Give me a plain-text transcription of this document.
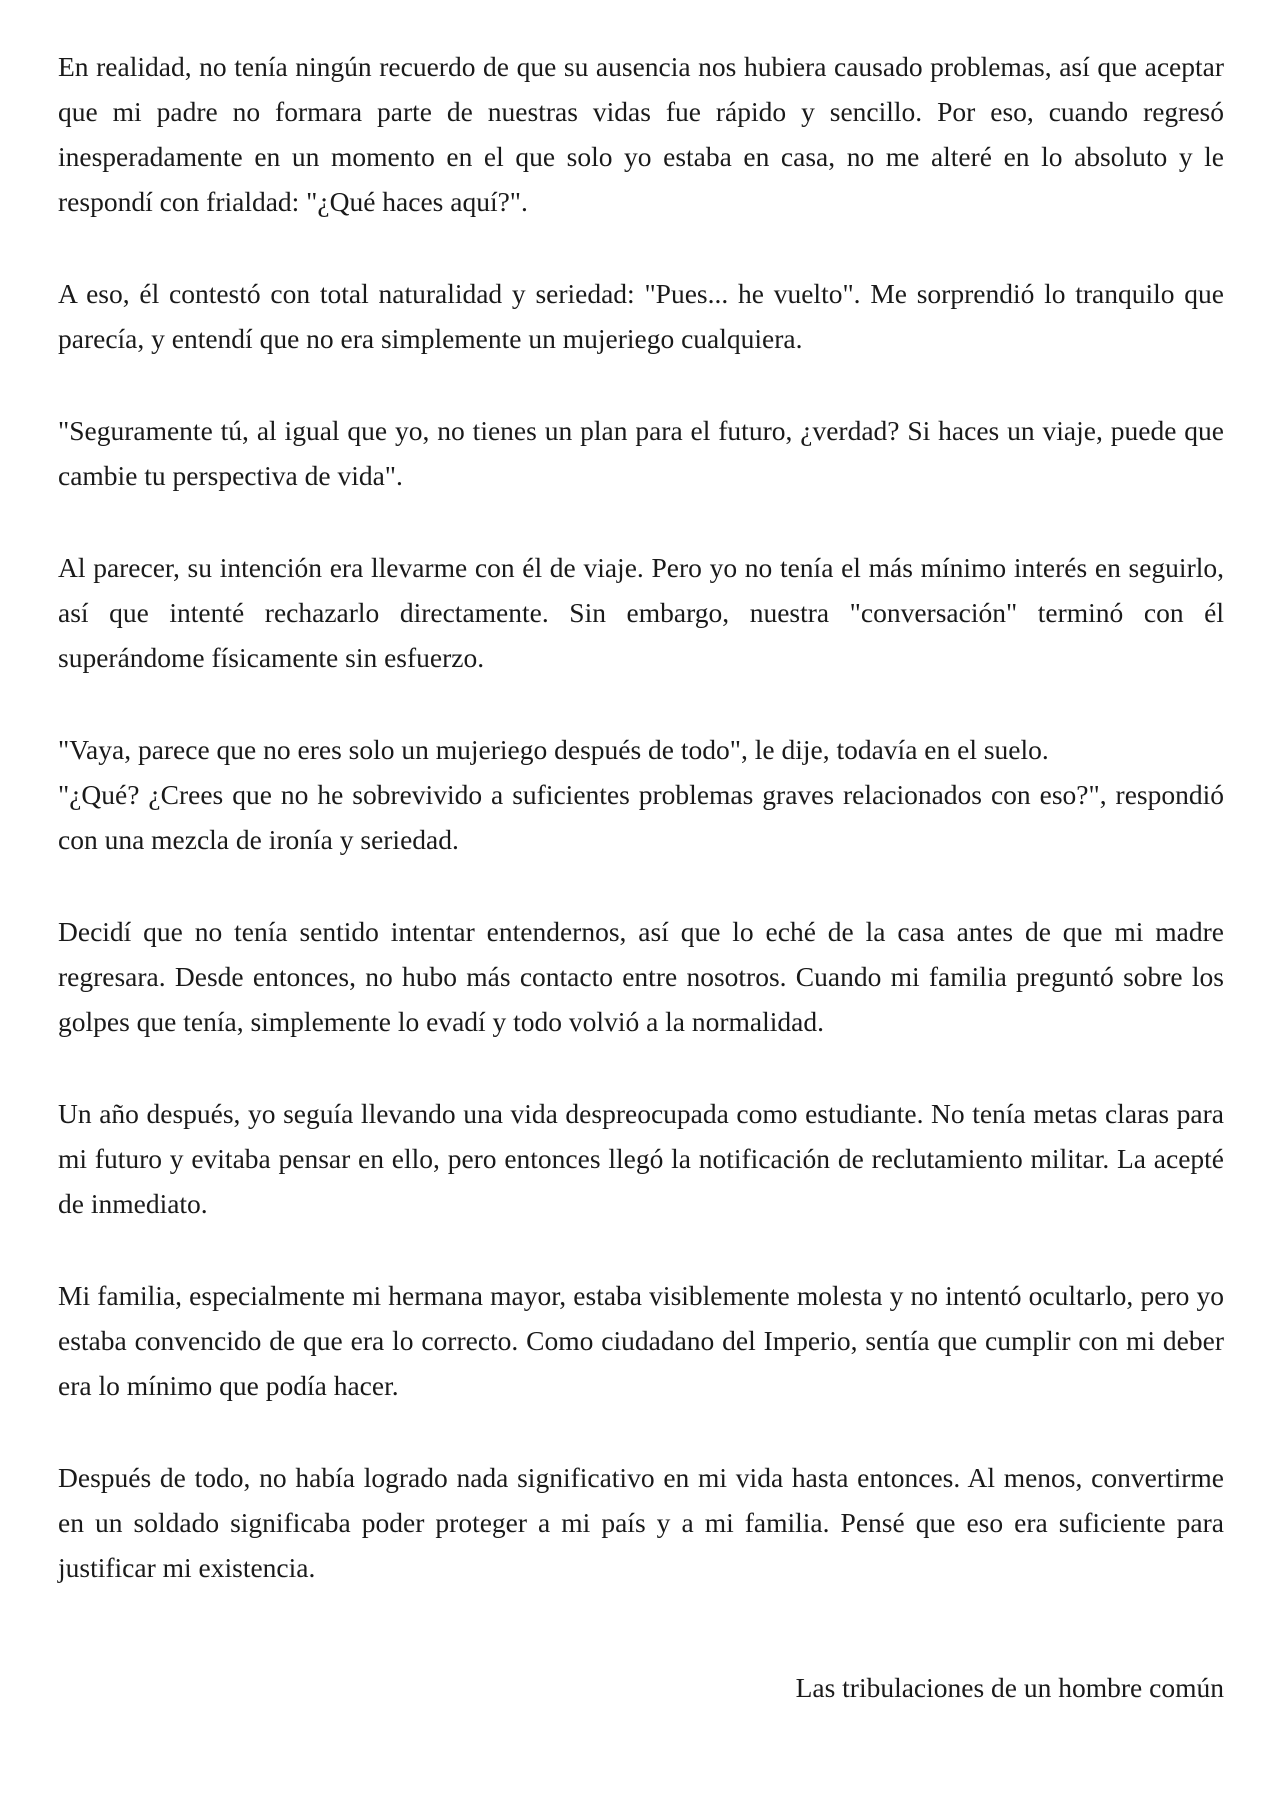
En realidad, no tenía ningún recuerdo de que su ausencia nos hubiera causado problemas, así que aceptar que mi padre no formara parte de nuestras vidas fue rápido y sencillo. Por eso, cuando regresó inesperadamente en un momento en el que solo yo estaba en casa, no me alteré en lo absoluto y le respondí con frialdad: "¿Qué haces aquí?".

A eso, él contestó con total naturalidad y seriedad: "Pues... he vuelto". Me sorprendió lo tranquilo que parecía, y entendí que no era simplemente un mujeriego cualquiera.

"Seguramente tú, al igual que yo, no tienes un plan para el futuro, ¿verdad? Si haces un viaje, puede que cambie tu perspectiva de vida".

Al parecer, su intención era llevarme con él de viaje. Pero yo no tenía el más mínimo interés en seguirlo, así que intenté rechazarlo directamente. Sin embargo, nuestra "conversación" terminó con él superándome físicamente sin esfuerzo.

"Vaya, parece que no eres solo un mujeriego después de todo", le dije, todavía en el suelo.

"¿Qué? ¿Crees que no he sobrevivido a suficientes problemas graves relacionados con eso?", respondió con una mezcla de ironía y seriedad.

Decidí que no tenía sentido intentar entendernos, así que lo eché de la casa antes de que mi madre regresara. Desde entonces, no hubo más contacto entre nosotros. Cuando mi familia preguntó sobre los golpes que tenía, simplemente lo evadí y todo volvió a la normalidad.

Un año después, yo seguía llevando una vida despreocupada como estudiante. No tenía metas claras para mi futuro y evitaba pensar en ello, pero entonces llegó la notificación de reclutamiento militar. La acepté de inmediato.

Mi familia, especialmente mi hermana mayor, estaba visiblemente molesta y no intentó ocultarlo, pero yo estaba convencido de que era lo correcto. Como ciudadano del Imperio, sentía que cumplir con mi deber era lo mínimo que podía hacer.

Después de todo, no había logrado nada significativo en mi vida hasta entonces. Al menos, convertirme en un soldado significaba poder proteger a mi país y a mi familia. Pensé que eso era suficiente para justificar mi existencia.

Las tribulaciones de un hombre común
